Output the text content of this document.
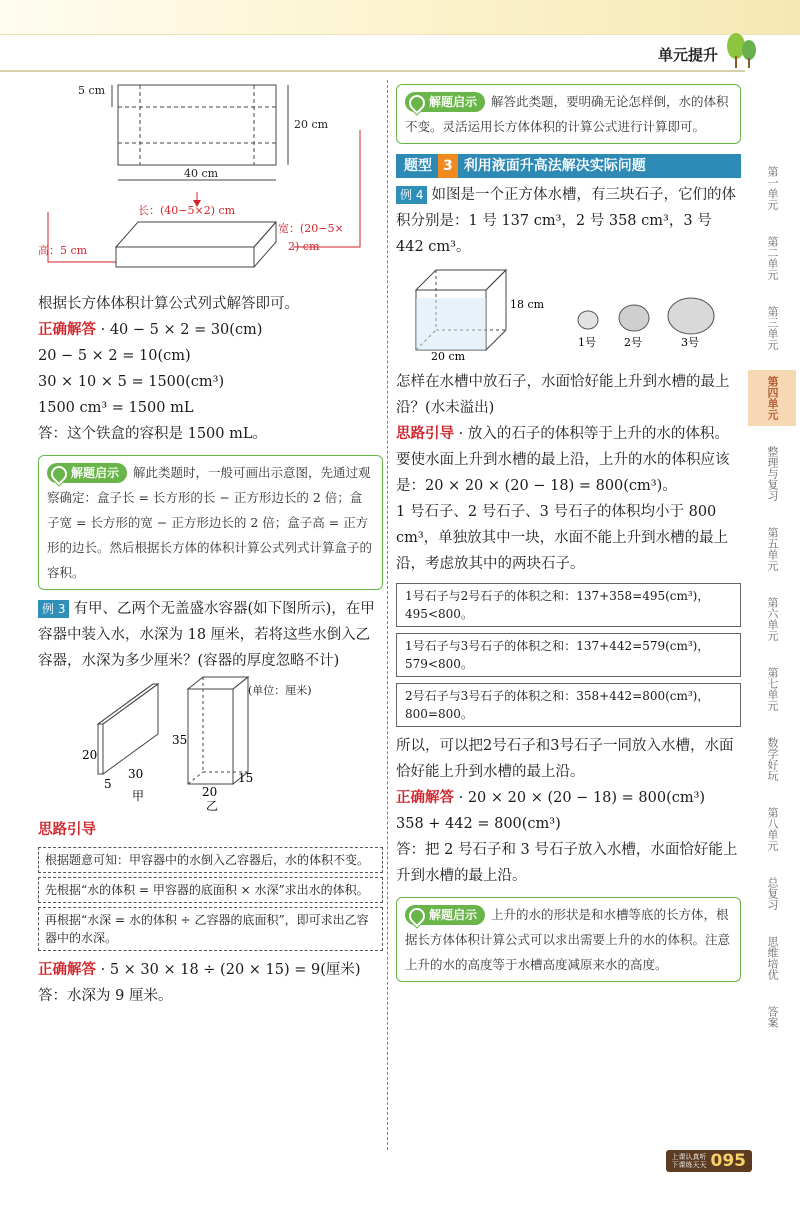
单元提升
第一单元
第二单元
第三单元
第四单元
整理与复习
第五单元
第六单元
第七单元
数学好玩
第八单元
总复习
思维培优
答案
5 cm
20 cm
40 cm
长：(40−5×2) cm
宽：(20−5×
2) cm
高：5 cm

根据长方体体积计算公式列式解答即可。

正确解答 · 40 − 5 × 2 = 30(cm)

20 − 5 × 2 = 10(cm)

30 × 10 × 5 = 1500(cm³)

1500 cm³ = 1500 mL

答：这个铁盒的容积是 1500 mL。

解题启示 解此类题时，一般可画出示意图，先通过观察确定：盒子长 = 长方形的长 − 正方形边长的 2 倍；盒子宽 = 长方形的宽 − 正方形边长的 2 倍；盒子高 = 正方形的边长。然后根据长方体的体积计算公式列式计算盒子的容积。

例 3 有甲、乙两个无盖盛水容器(如下图所示)，在甲容器中装入水，水深为 18 厘米，若将这些水倒入乙容器，水深为多少厘米？(容器的厚度忽略不计)

(单位：厘米)
20
5
30
甲
35
20
15
乙

思路引导

根据题意可知：甲容器中的水倒入乙容器后，水的体积不变。
先根据“水的体积 = 甲容器的底面积 × 水深”求出水的体积。
再根据“水深 = 水的体积 ÷ 乙容器的底面积”，即可求出乙容器中的水深。

正确解答 · 5 × 30 × 18 ÷ (20 × 15) = 9(厘米)

答：水深为 9 厘米。

解题启示 解答此类题，要明确无论怎样倒，水的体积不变。灵活运用长方体体积的计算公式进行计算即可。
题型 3 利用液面升高法解决实际问题

例 4 如图是一个正方体水槽，有三块石子，它们的体积分别是：1 号 137 cm³，2 号 358 cm³，3 号 442 cm³。

18 cm
20 cm
1号	2号	3号

怎样在水槽中放石子，水面恰好能上升到水槽的最上沿？(水未溢出)

思路引导 · 放入的石子的体积等于上升的水的体积。要使水面上升到水槽的最上沿，上升的水的体积应该是：20 × 20 × (20 − 18) = 800(cm³)。

1 号石子、2 号石子、3 号石子的体积均小于 800 cm³，单独放其中一块，水面不能上升到水槽的最上沿，考虑放其中的两块石子。

1号石子与2号石子的体积之和：137+358=495(cm³)，495<800。
1号石子与3号石子的体积之和：137+442=579(cm³)，579<800。
2号石子与3号石子的体积之和：358+442=800(cm³)，800=800。

所以，可以把2号石子和3号石子一同放入水槽，水面恰好能上升到水槽的最上沿。

正确解答 · 20 × 20 × (20 − 18) = 800(cm³)

358 + 442 = 800(cm³)

答：把 2 号石子和 3 号石子放入水槽，水面恰好能上升到水槽的最上沿。

解题启示 上升的水的形状是和水槽等底的长方体，根据长方体体积计算公式可以求出需要上升的水的体积。注意上升的水的高度等于水槽高度减原来水的高度。
上课认真听
下课练天天 095
